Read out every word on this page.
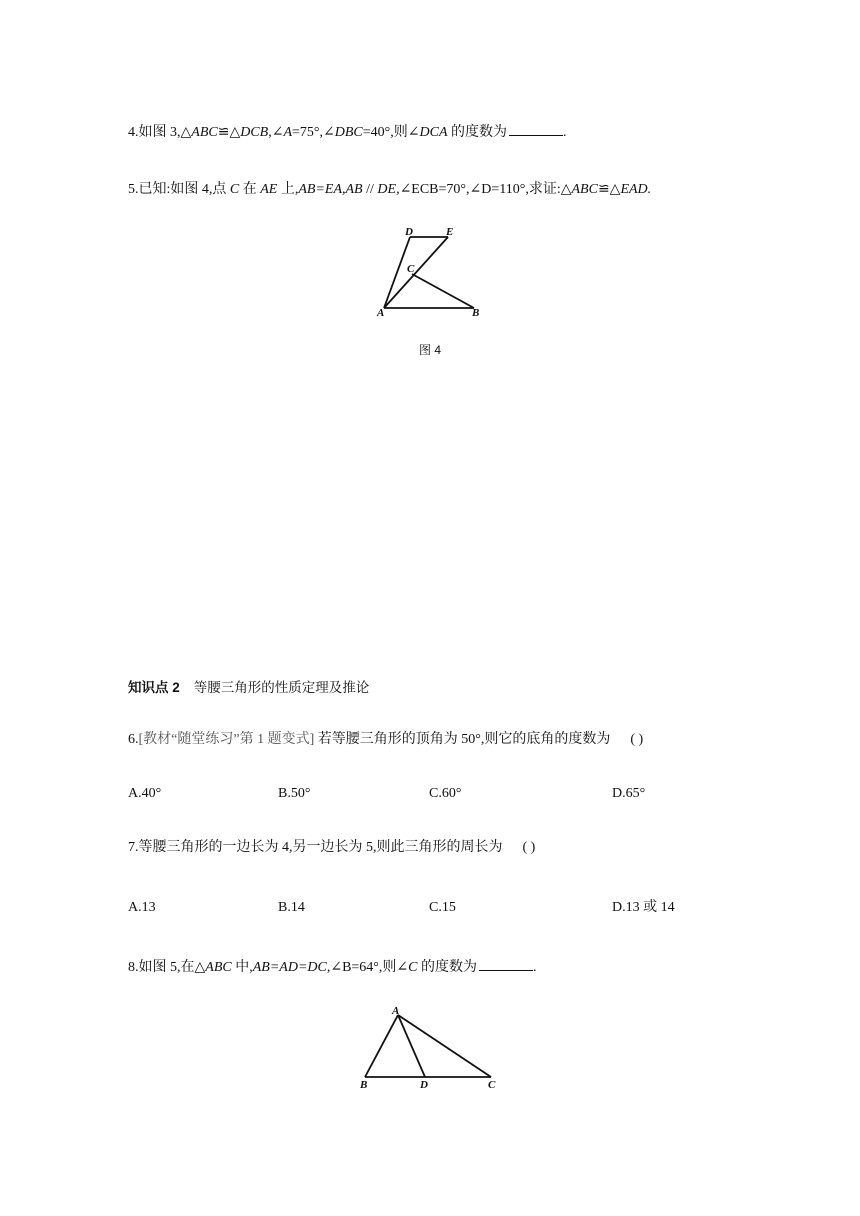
4.如图 3,△ABC≌△DCB,∠A=75°,∠DBC=40°,则∠DCA 的度数为	.
5.已知:如图 4,点 C 在 AE 上,AB=EA,AB // DE,∠ECB=70°,∠D=110°,求证:△ABC≌△EAD.
D	E
C
A	B
图 4
知识点 2 等腰三角形的性质定理及推论
6.[教材“随堂练习”第 1 题变式] 若等腰三角形的顶角为 50°,则它的底角的度数为 ( )
A.40°	B.50°	C.60°	D.65°
7.等腰三角形的一边长为 4,另一边长为 5,则此三角形的周长为 ( )
A.13	B.14	C.15	D.13 或 14
8.如图 5,在△ABC 中,AB=AD=DC,∠B=64°,则∠C 的度数为	.
A
B	D	C
